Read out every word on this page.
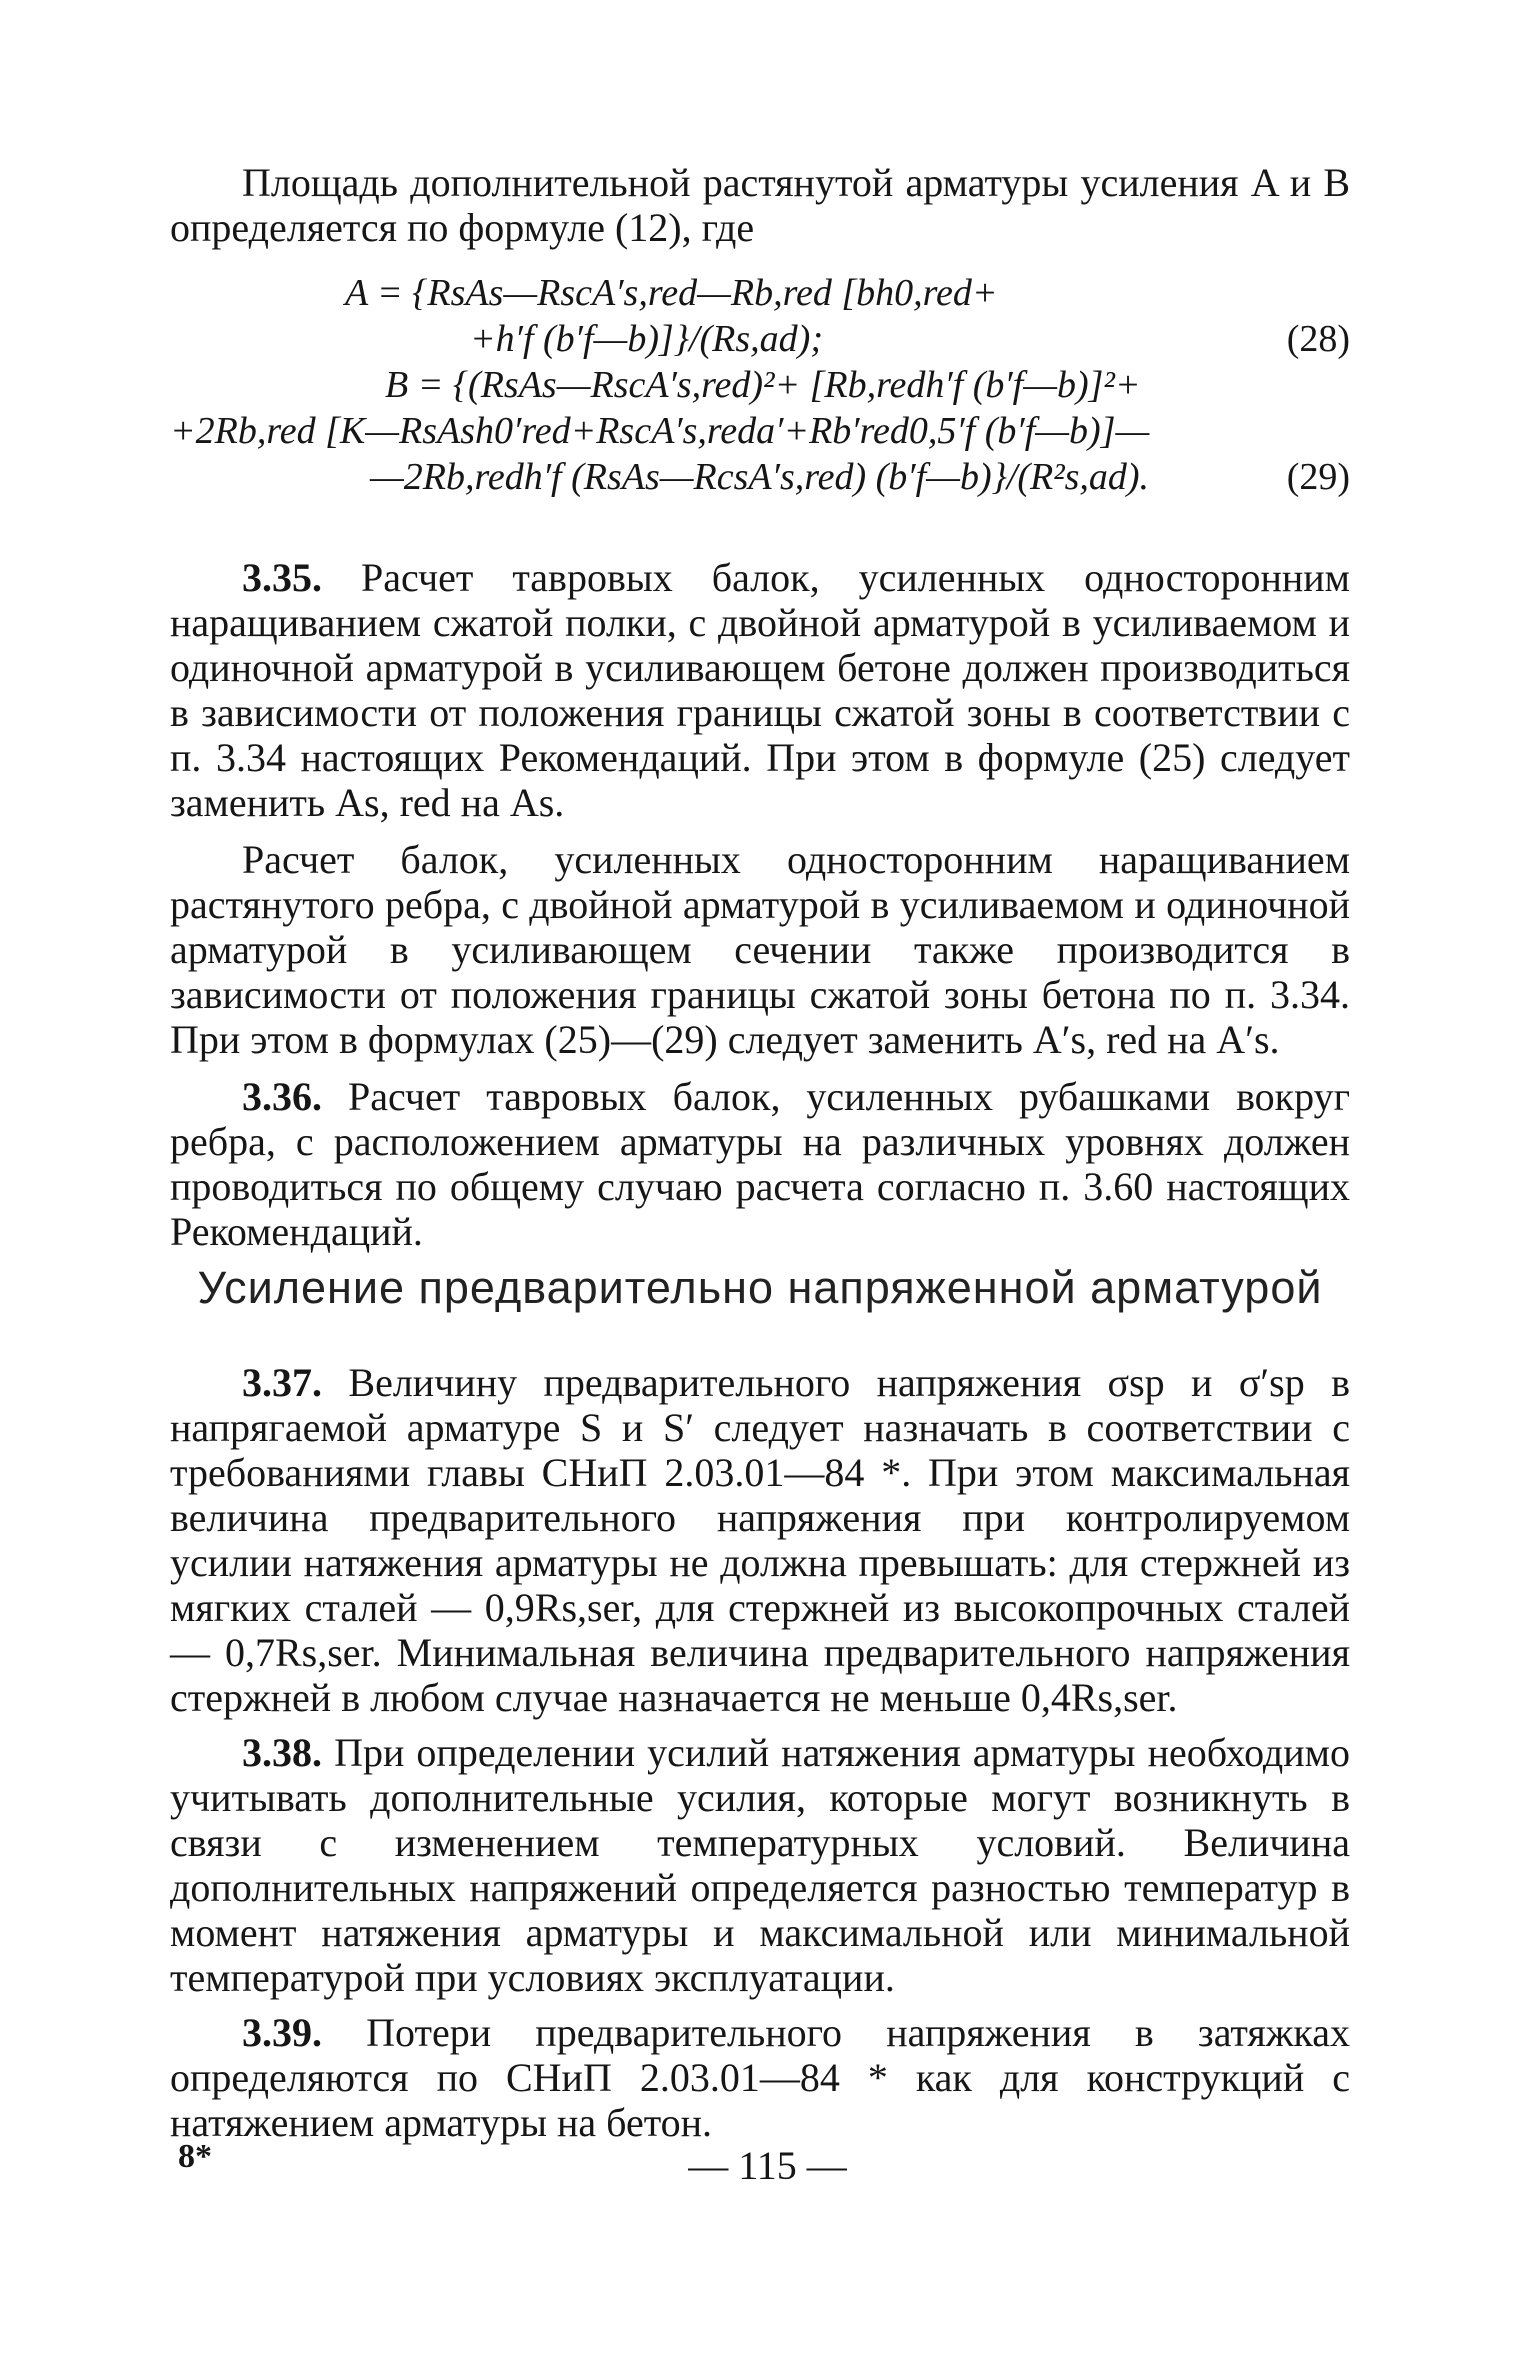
Площадь дополнительной растянутой арматуры усиления A и B определяется по формуле (12), где

A = {RsAs—RscA′s,red—Rb,red [bh0,red+
+h′f (b′f—b)]}/(Rs,ad);	(28)
B = {(RsAs—RscA′s,red)²+ [Rb,redh′f (b′f—b)]²+
+2Rb,red [K—RsAsh0′red+RscA′s,reda′+Rb′red0,5′f (b′f—b)]—
—2Rb,redh′f (RsAs—RcsA′s,red) (b′f—b)}/(R²s,ad).	(29)

3.35. Расчет тавровых балок, усиленных односторонним наращиванием сжатой полки, с двойной арматурой в усиливаемом и одиночной арматурой в усиливающем бетоне должен производиться в зависимости от положения границы сжатой зоны в соответствии с п. 3.34 настоящих Рекомендаций. При этом в формуле (25) следует заменить As, red на As.

Расчет балок, усиленных односторонним наращиванием растянутого ребра, с двойной арматурой в усиливаемом и одиночной арматурой в усиливающем сечении также производится в зависимости от положения границы сжатой зоны бетона по п. 3.34. При этом в формулах (25)—(29) следует заменить A′s, red на A′s.

3.36. Расчет тавровых балок, усиленных рубашками вокруг ребра, с расположением арматуры на различных уровнях должен проводиться по общему случаю расчета согласно п. 3.60 настоящих Рекомендаций.

Усиление предварительно напряженной арматурой

3.37. Величину предварительного напряжения σsp и σ′sp в напрягаемой арматуре S и S′ следует назначать в соответствии с требованиями главы СНиП 2.03.01—84 *. При этом максимальная величина предварительного напряжения при контролируемом усилии натяжения арматуры не должна превышать: для стержней из мягких сталей — 0,9Rs,ser, для стержней из высокопрочных сталей — 0,7Rs,ser. Минимальная величина предварительного напряжения стержней в любом случае назначается не меньше 0,4Rs,ser.

3.38. При определении усилий натяжения арматуры необходимо учитывать дополнительные усилия, которые могут возникнуть в связи с изменением температурных условий. Величина дополнительных напряжений определяется разностью температур в момент натяжения арматуры и максимальной или минимальной температурой при условиях эксплуатации.

3.39. Потери предварительного напряжения в затяжках определяются по СНиП 2.03.01—84 * как для конструкций с натяжением арматуры на бетон.

8*	— 115 —
